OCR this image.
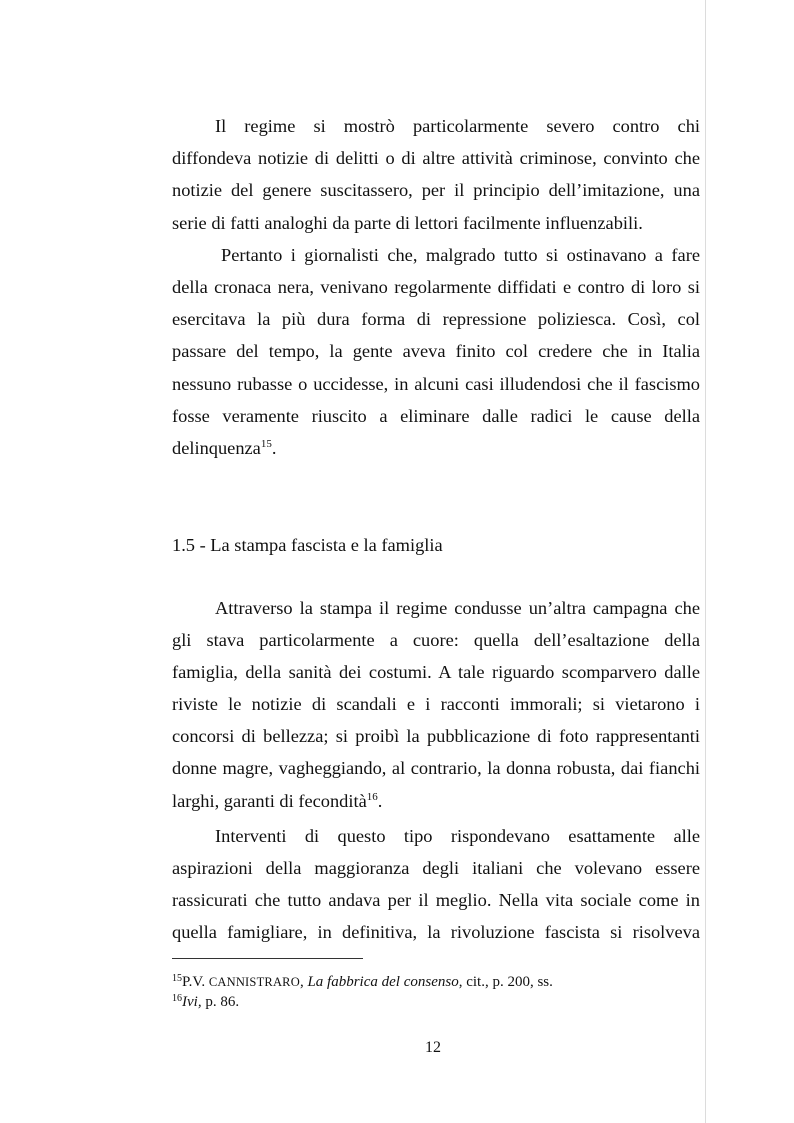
Il regime si mostrò particolarmente severo contro chi
diffondeva notizie di delitti o di altre attività criminose, convinto che
notizie del genere suscitassero, per il principio dell’imitazione, una
serie di fatti analoghi da parte di lettori facilmente influenzabili.
Pertanto i giornalisti che, malgrado tutto si ostinavano a fare
della cronaca nera, venivano regolarmente diffidati e contro di loro si
esercitava la più dura forma di repressione poliziesca. Così, col
passare del tempo, la gente aveva finito col credere che in Italia
nessuno rubasse o uccidesse, in alcuni casi illudendosi che il fascismo
fosse veramente riuscito a eliminare dalle radici le cause della
delinquenza$^{15}$.
1.5 - La stampa fascista e la famiglia
Attraverso la stampa il regime condusse un’altra campagna che
gli stava particolarmente a cuore: quella dell’esaltazione della
famiglia, della sanità dei costumi. A tale riguardo scomparvero dalle
riviste le notizie di scandali e i racconti immorali; si vietarono i
concorsi di bellezza; si proibì la pubblicazione di foto rappresentanti
donne magre, vagheggiando, al contrario, la donna robusta, dai fianchi
larghi, garanti di fecondità$^{16}$.
Interventi di questo tipo rispondevano esattamente alle
aspirazioni della maggioranza degli italiani che volevano essere
rassicurati che tutto andava per il meglio. Nella vita sociale come in
quella famigliare, in definitiva, la rivoluzione fascista si risolveva
$^{15}$P.V. CANNISTRARO, La fabbrica del consenso, cit., p. 200, ss.
$^{16}$Ivi, p. 86.
12
